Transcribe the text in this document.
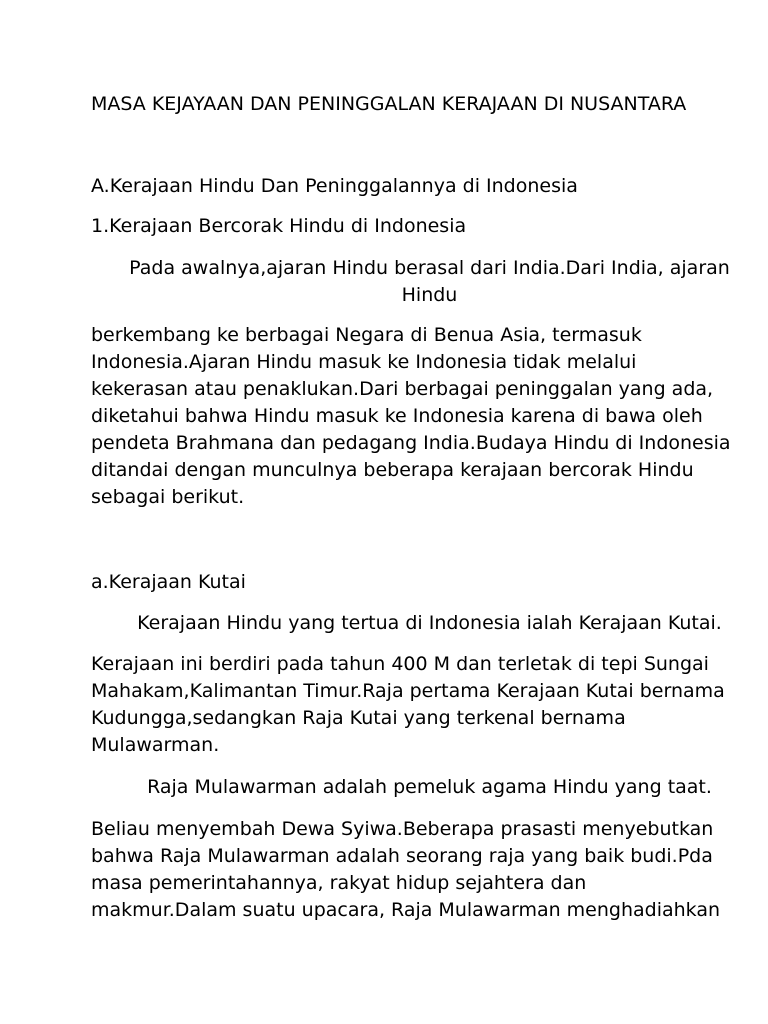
MASA KEJAYAAN DAN PENINGGALAN KERAJAAN DI NUSANTARA
A.Kerajaan Hindu Dan Peninggalannya di Indonesia
1.Kerajaan Bercorak Hindu di Indonesia
Pada awalnya,ajaran Hindu berasal dari India.Dari India, ajaran
Hindu
berkembang ke berbagai Negara di Benua Asia, termasuk
Indonesia.Ajaran Hindu masuk ke Indonesia tidak melalui
kekerasan atau penaklukan.Dari berbagai peninggalan yang ada,
diketahui bahwa Hindu masuk ke Indonesia karena di bawa oleh
pendeta Brahmana dan pedagang India.Budaya Hindu di Indonesia
ditandai dengan munculnya beberapa kerajaan bercorak Hindu
sebagai berikut.
a.Kerajaan Kutai
Kerajaan Hindu yang tertua di Indonesia ialah Kerajaan Kutai.
Kerajaan ini berdiri pada tahun 400 M dan terletak di tepi Sungai
Mahakam,Kalimantan Timur.Raja pertama Kerajaan Kutai bernama
Kudungga,sedangkan Raja Kutai yang terkenal bernama
Mulawarman.
Raja Mulawarman adalah pemeluk agama Hindu yang taat.
Beliau menyembah Dewa Syiwa.Beberapa prasasti menyebutkan
bahwa Raja Mulawarman adalah seorang raja yang baik budi.Pda
masa pemerintahannya, rakyat hidup sejahtera dan
makmur.Dalam suatu upacara, Raja Mulawarman menghadiahkan
